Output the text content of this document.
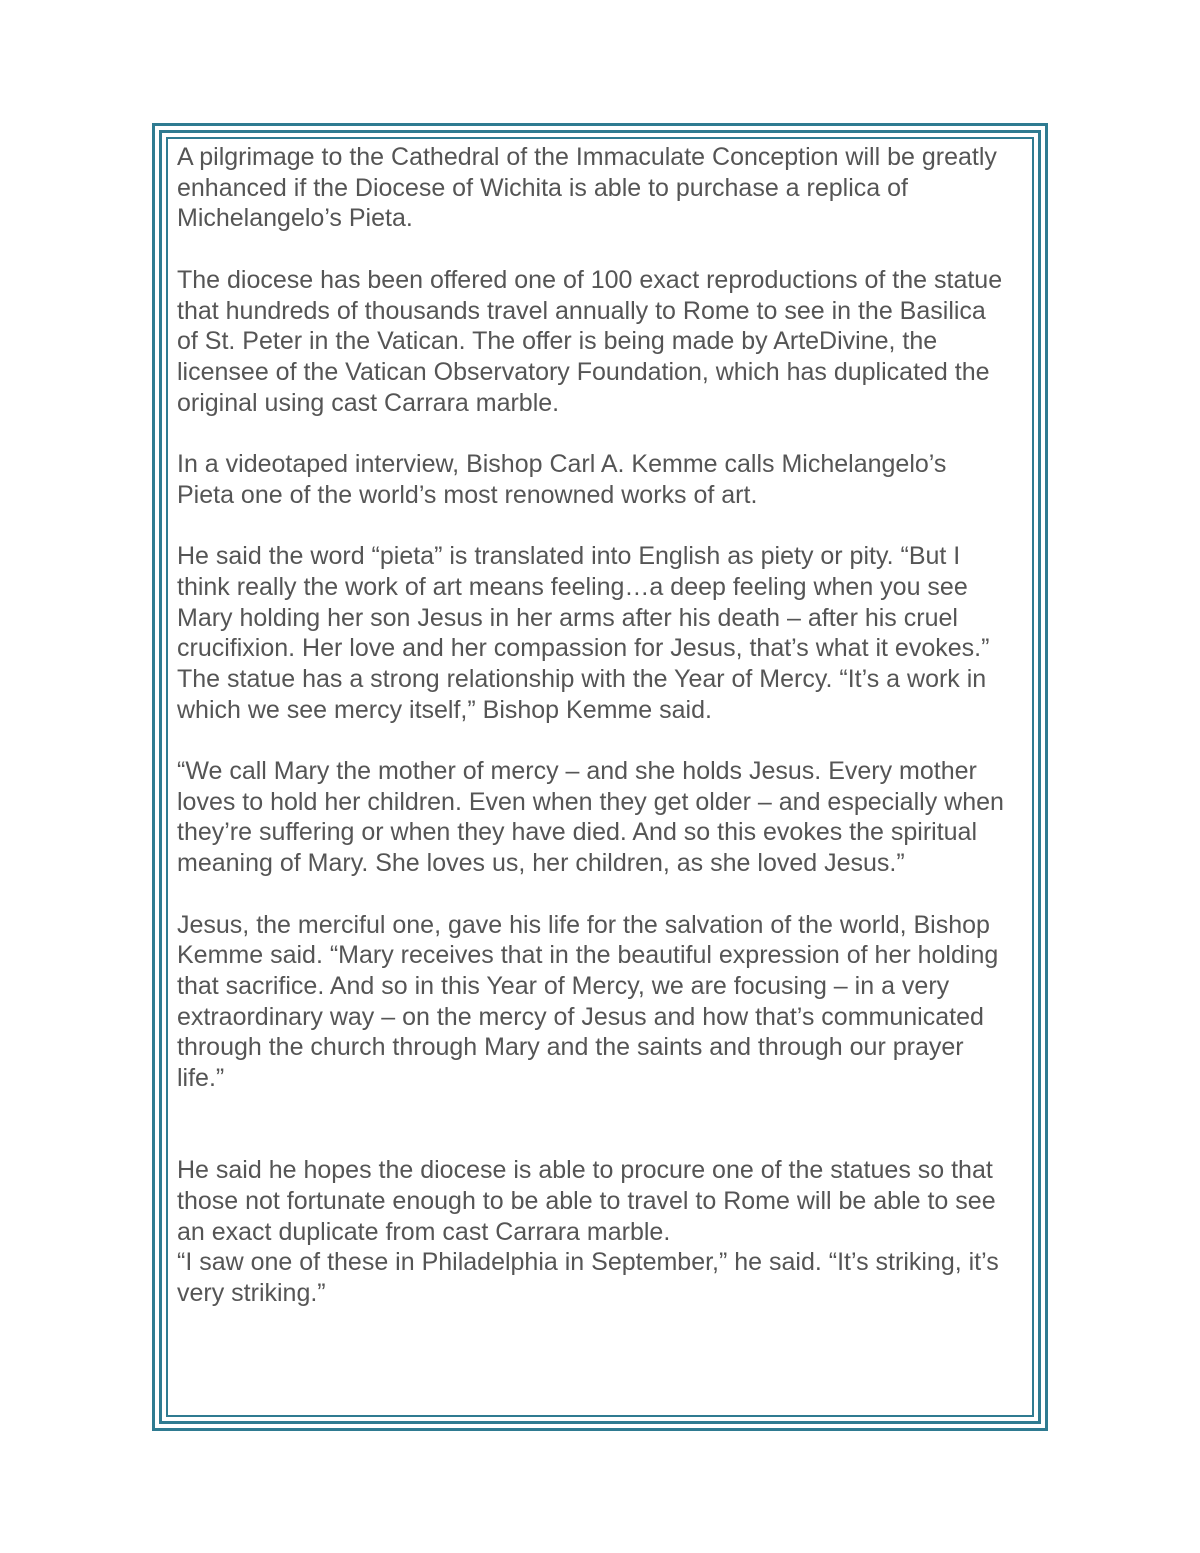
A pilgrimage to the Cathedral of the Immaculate Conception will be greatly
enhanced if the Diocese of Wichita is able to purchase a replica of
Michelangelo’s Pieta.

The diocese has been offered one of 100 exact reproductions of the statue
that hundreds of thousands travel annually to Rome to see in the Basilica
of St. Peter in the Vatican. The offer is being made by ArteDivine, the
licensee of the Vatican Observatory Foundation, which has duplicated the
original using cast Carrara marble.

In a videotaped interview, Bishop Carl A. Kemme calls Michelangelo’s
Pieta one of the world’s most renowned works of art.

He said the word “pieta” is translated into English as piety or pity. “But I
think really the work of art means feeling…a deep feeling when you see
Mary holding her son Jesus in her arms after his death – after his cruel
crucifixion. Her love and her compassion for Jesus, that’s what it evokes.”
The statue has a strong relationship with the Year of Mercy. “It’s a work in
which we see mercy itself,” Bishop Kemme said.

“We call Mary the mother of mercy – and she holds Jesus. Every mother
loves to hold her children. Even when they get older – and especially when
they’re suffering or when they have died. And so this evokes the spiritual
meaning of Mary. She loves us, her children, as she loved Jesus.”

Jesus, the merciful one, gave his life for the salvation of the world, Bishop
Kemme said. “Mary receives that in the beautiful expression of her holding
that sacrifice. And so in this Year of Mercy, we are focusing – in a very
extraordinary way – on the mercy of Jesus and how that’s communicated
through the church through Mary and the saints and through our prayer
life.”

He said he hopes the diocese is able to procure one of the statues so that
those not fortunate enough to be able to travel to Rome will be able to see
an exact duplicate from cast Carrara marble.

“I saw one of these in Philadelphia in September,” he said. “It’s striking, it’s
very striking.”
